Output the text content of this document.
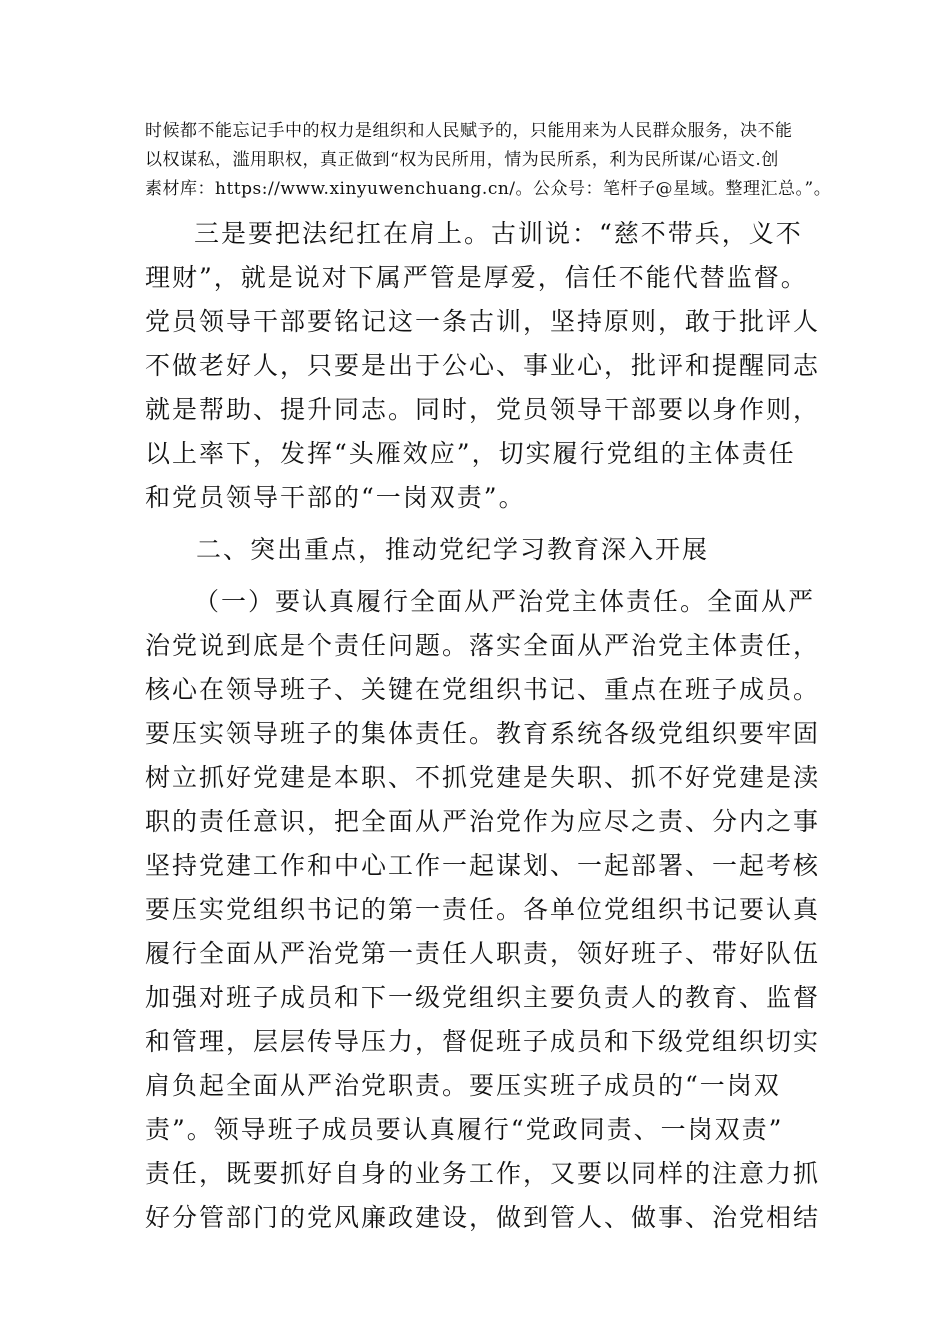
时候都不能忘记手中的权力是组织和人民赋予的，只能用来为人民群众服务，决不能
以权谋私，滥用职权，真正做到“权为民所用，情为民所系，利为民所谋/心语文.创
素材库：https://www.xinyuwenchuang.cn/。公众号：笔杆子@星域。整理汇总。”。
三是要把法纪扛在肩上。古训说：“慈不带兵，义不
理财”，就是说对下属严管是厚爱，信任不能代替监督。
党员领导干部要铭记这一条古训，坚持原则，敢于批评人
不做老好人，只要是出于公心、事业心，批评和提醒同志
就是帮助、提升同志。同时，党员领导干部要以身作则，
以上率下，发挥“头雁效应”，切实履行党组的主体责任
和党员领导干部的“一岗双责”。
二、突出重点，推动党纪学习教育深入开展
（一）要认真履行全面从严治党主体责任。全面从严
治党说到底是个责任问题。落实全面从严治党主体责任，
核心在领导班子、关键在党组织书记、重点在班子成员。
要压实领导班子的集体责任。教育系统各级党组织要牢固
树立抓好党建是本职、不抓党建是失职、抓不好党建是渎
职的责任意识，把全面从严治党作为应尽之责、分内之事
坚持党建工作和中心工作一起谋划、一起部署、一起考核
要压实党组织书记的第一责任。各单位党组织书记要认真
履行全面从严治党第一责任人职责，领好班子、带好队伍
加强对班子成员和下一级党组织主要负责人的教育、监督
和管理，层层传导压力，督促班子成员和下级党组织切实
肩负起全面从严治党职责。要压实班子成员的“一岗双
责”。领导班子成员要认真履行“党政同责、一岗双责”
责任，既要抓好自身的业务工作，又要以同样的注意力抓
好分管部门的党风廉政建设，做到管人、做事、治党相结
